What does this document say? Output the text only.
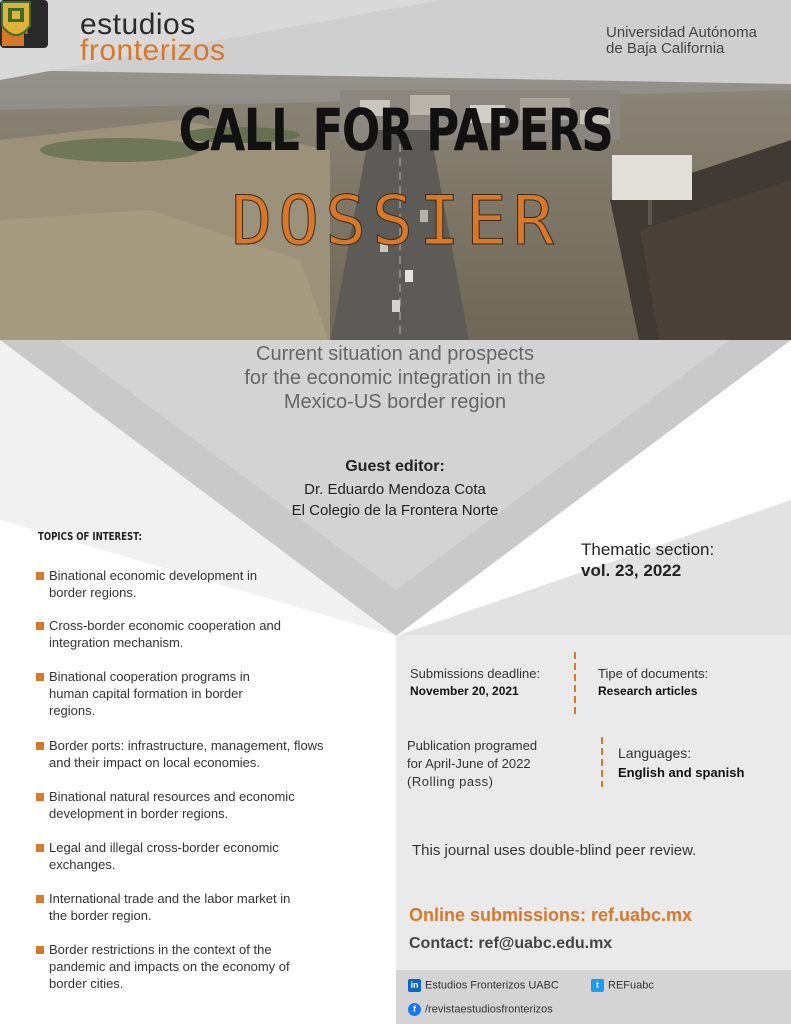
estudios
fronterizos
Universidad Autónoma
de Baja California
CALL FOR PAPERS
DOSSIER
Current situation and prospects
for the economic integration in the
Mexico-US border region
Guest editor:
Dr. Eduardo Mendoza Cota
El Colegio de la Frontera Norte
TOPICS OF INTEREST:
Binational economic development in border regions.
Cross-border economic cooperation and integration mechanism.
Binational cooperation programs in human capital formation in border regions.
Border ports: infrastructure, management, flows and their impact on local economies.
Binational natural resources and economic development in border regions.
Legal and illegal cross-border economic exchanges.
International trade and the labor market in the border region.
Border restrictions in the context of the pandemic and impacts on the economy of border cities.
Thematic section:
vol. 23, 2022
Submissions deadline:
November 20, 2021
Tipe of documents:
Research articles
Publication programed
for April-June of 2022
(Rolling pass)
Languages:
English and spanish
This journal uses double-blind peer review.
Online submissions: ref.uabc.mx
Contact: ref@uabc.edu.mx
in Estudios Fronterizos UABC	t REFuabc
f /revistaestudiosfronterizos
